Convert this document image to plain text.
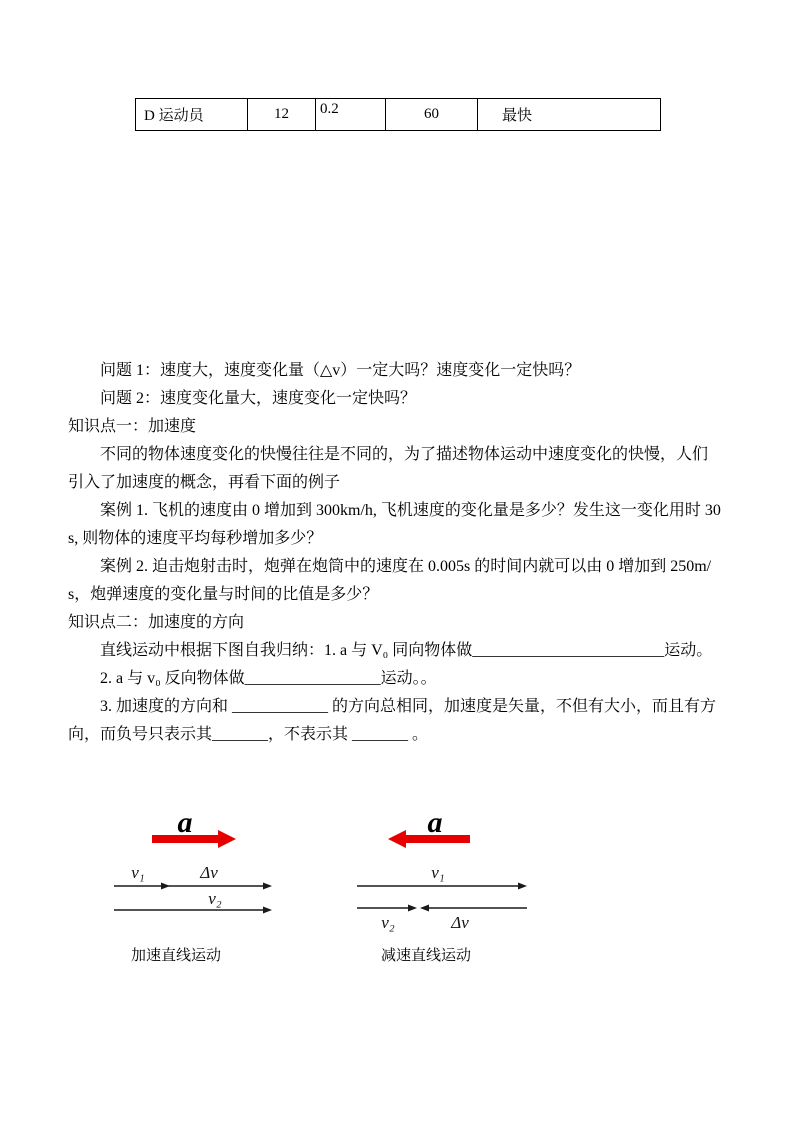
D 运动员	12	0.2	60	最快

问题 1：速度大，速度变化量（△v）一定大吗？速度变化一定快吗？

问题 2：速度变化量大，速度变化一定快吗？

知识点一：加速度

不同的物体速度变化的快慢往往是不同的，为了描述物体运动中速度变化的快慢，人们引入了加速度的概念，再看下面的例子

案例 1. 飞机的速度由 0 增加到 300km/h, 飞机速度的变化量是多少？发生这一变化用时 30s, 则物体的速度平均每秒增加多少？

案例 2. 迫击炮射击时，炮弹在炮筒中的速度在 0.005s 的时间内就可以由 0 增加到 250m/s，炮弹速度的变化量与时间的比值是多少？

知识点二：加速度的方向

直线运动中根据下图自我归纳：1. a 与 V₀ 同向物体做________________________运动。

2. a 与 v₀ 反向物体做_________________运动。。

3. 加速度的方向和 ____________ 的方向总相同，加速度是矢量，不但有大小，而且有方向，而负号只表示其_______，不表示其 _______ 。

a
v₁	Δv
v₂
加速直线运动
a
v₁
v₂	Δv
减速直线运动
